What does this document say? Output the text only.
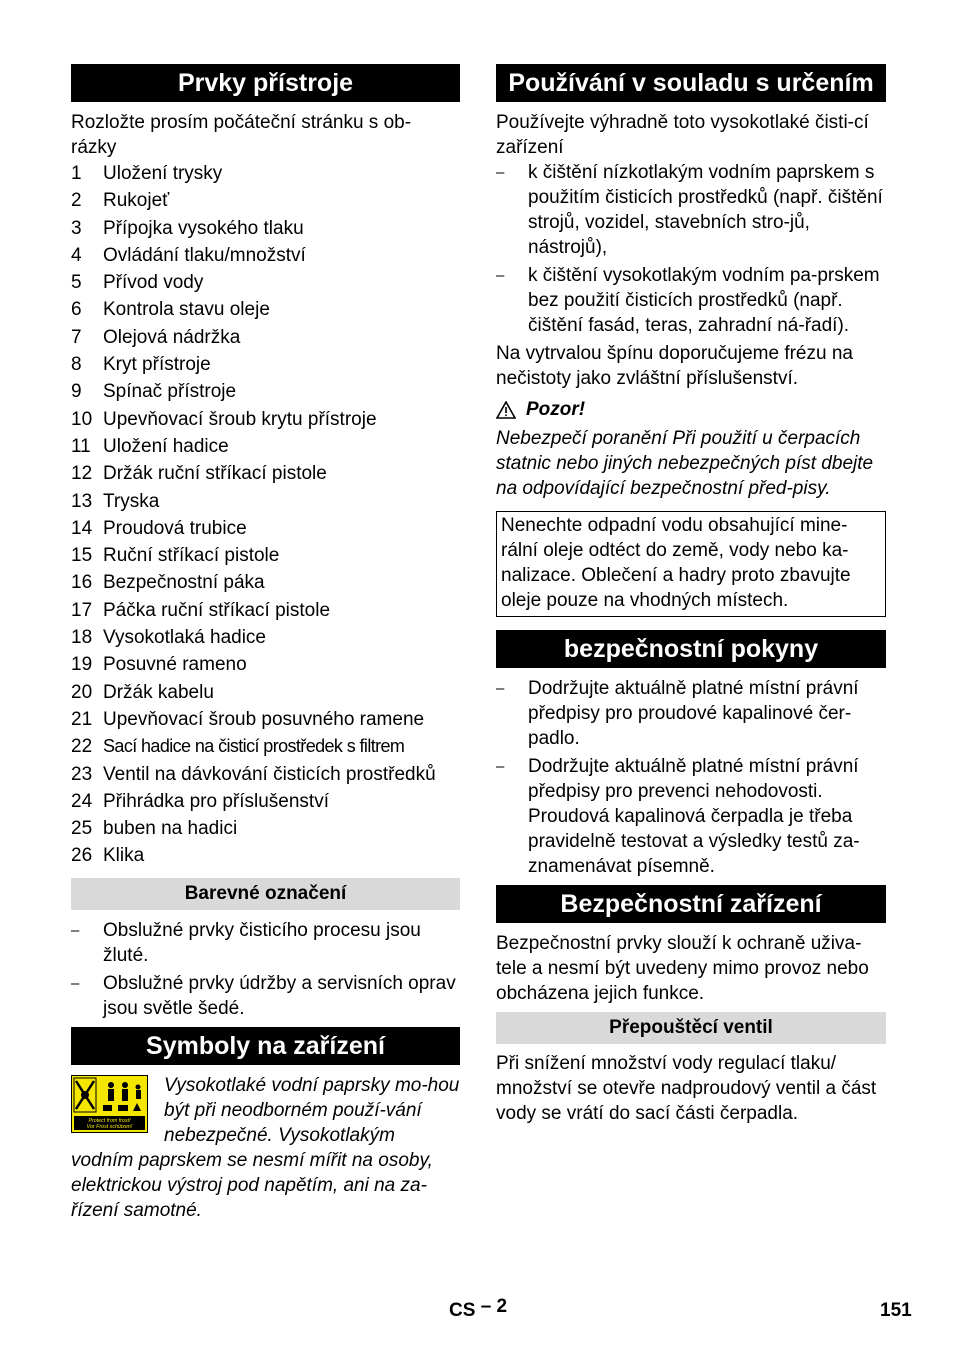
Prvky přístroje

Rozložte prosím počáteční stránku s ob-
rázky

1	Uložení trysky
2	Rukojeť
3	Přípojka vysokého tlaku
4	Ovládání tlaku/množství
5	Přívod vody
6	Kontrola stavu oleje
7	Olejová nádržka
8	Kryt přístroje
9	Spínač přístroje
10 Upevňovací šroub krytu přístroje
11 Uložení hadice
12 Držák ruční stříkací pistole
13 Tryska
14 Proudová trubice
15 Ruční stříkací pistole
16 Bezpečnostní páka
17 Páčka ruční stříkací pistole
18 Vysokotlaká hadice
19 Posuvné rameno
20 Držák kabelu
21 Upevňovací šroub posuvného ramene
22 Sací hadice na čisticí prostředek s filtrem
23 Ventil na dávkování čisticích prostředků
24 Přihrádka pro příslušenství
25 buben na hadici
26 Klika
Barevné označení
–	Obslužné prvky čisticího procesu jsou žluté.
–	Obslužné prvky údržby a servisních oprav jsou světle šedé.
Symboly na zařízení
Protect from frost!
Vor Frost schützen!
Vysokotlaké vodní paprsky mo-hou být při neodborném použí-vání nebezpečné. Vysokotlakým vodním paprskem se nesmí mířit na osoby, elektrickou výstroj pod napětím, ani na za-řízení samotné.
Používání v souladu s určením

Používejte výhradně toto vysokotlaké čisti-cí zařízení

–	k čištění nízkotlakým vodním paprskem s použitím čisticích prostředků (např. čištění strojů, vozidel, stavebních stro-jů, nástrojů),
–	k čištění vysokotlakým vodním pa-prskem bez použití čisticích prostředků (např. čištění fasád, teras, zahradní ná-řadí).

Na vytrvalou špínu doporučujeme frézu na nečistoty jako zvláštní příslušenství.

Pozor!

Nebezpečí poranění Při použití u čerpacích statnic nebo jiných nebezpečných píst dbejte na odpovídající bezpečnostní před-pisy.

Nenechte odpadní vodu obsahující mine-rální oleje odtéct do země, vody nebo ka-nalizace. Oblečení a hadry proto zbavujte oleje pouze na vhodných místech.
bezpečnostní pokyny
–	Dodržujte aktuálně platné místní právní předpisy pro proudové kapalinové čer-padlo.
–	Dodržujte aktuálně platné místní právní předpisy pro prevenci nehodovosti. Proudová kapalinová čerpadla je třeba pravidelně testovat a výsledky testů za-znamenávat písemně.
Bezpečnostní zařízení

Bezpečnostní prvky slouží k ochraně uživa-tele a nesmí být uvedeny mimo provoz nebo obcházena jejich funkce.

Přepouštěcí ventil

Při snížení množství vody regulací tlaku/ množství se otevře nadproudový ventil a část vody se vrátí do sací části čerpadla.

CS – 2	151
